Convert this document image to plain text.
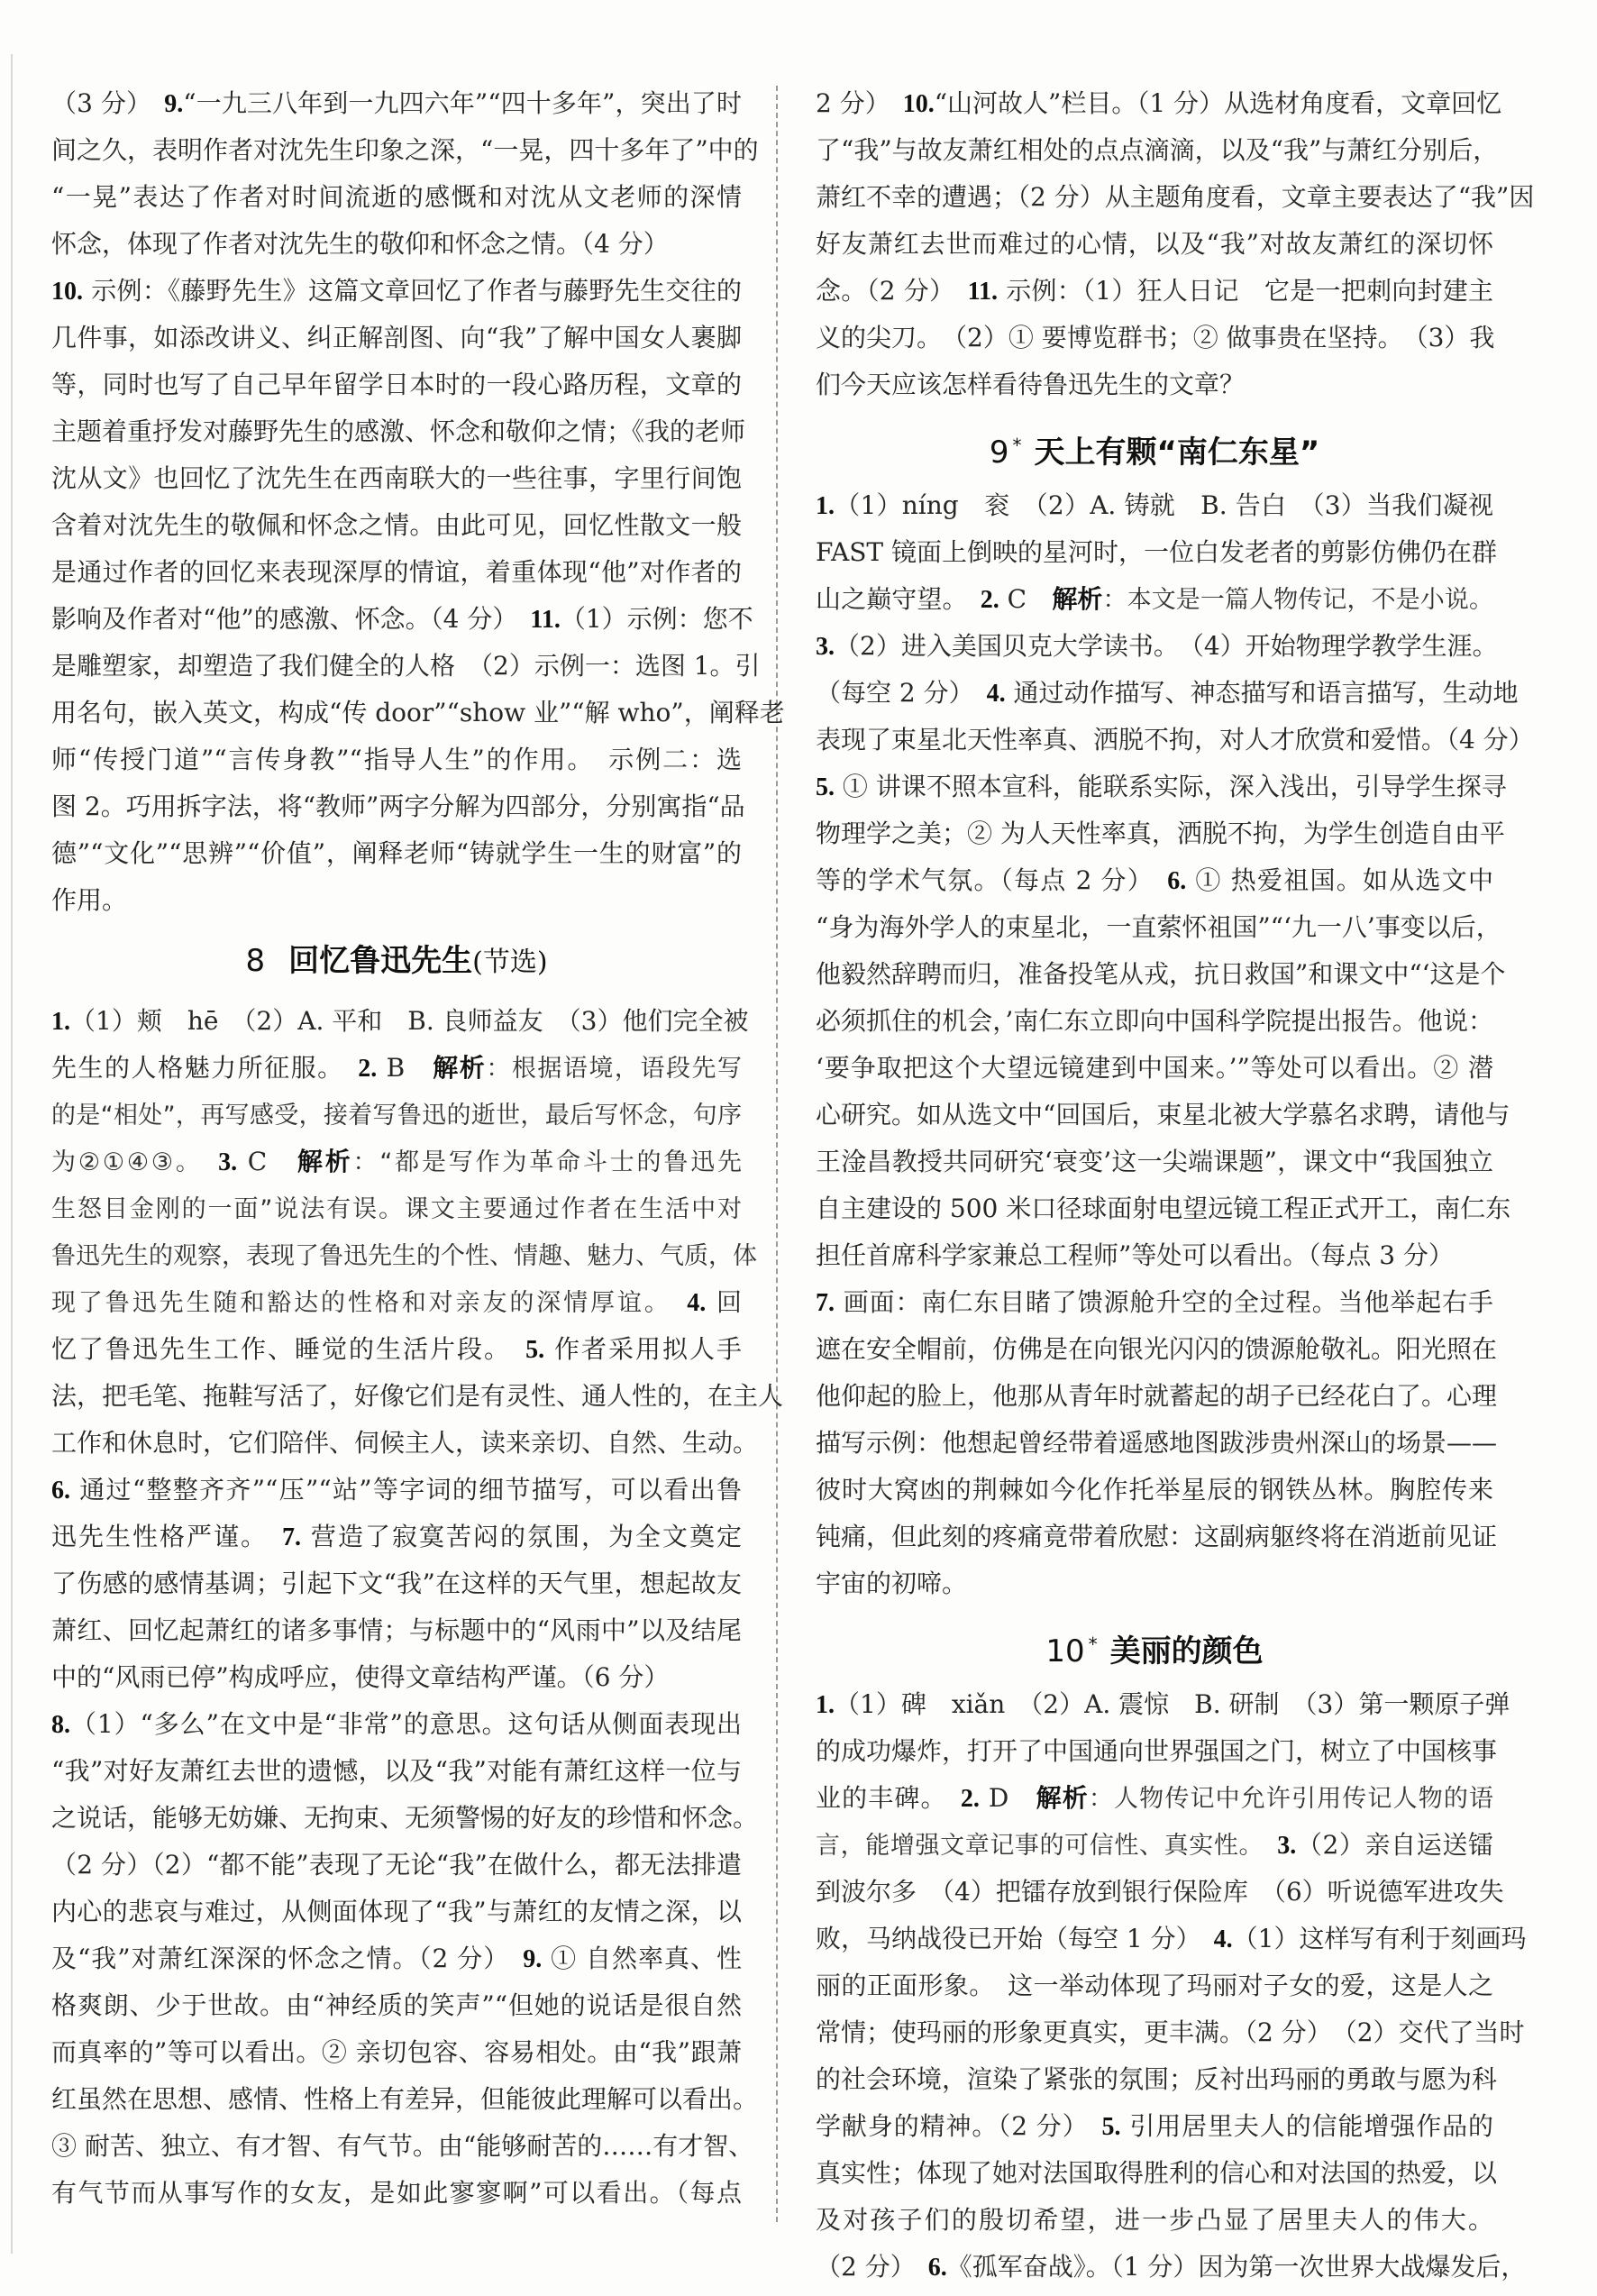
（3 分）　9.“一九三八年到一九四六年”“四十多年”，突出了时
间之久，表明作者对沈先生印象之深，“一晃，四十多年了”中的
“一晃”表达了作者对时间流逝的感慨和对沈从文老师的深情
怀念，体现了作者对沈先生的敬仰和怀念之情。（4 分）
10. 示例：《藤野先生》这篇文章回忆了作者与藤野先生交往的
几件事，如添改讲义、纠正解剖图、向“我”了解中国女人裹脚
等，同时也写了自己早年留学日本时的一段心路历程，文章的
主题着重抒发对藤野先生的感激、怀念和敬仰之情；《我的老师
沈从文》也回忆了沈先生在西南联大的一些往事，字里行间饱
含着对沈先生的敬佩和怀念之情。由此可见，回忆性散文一般
是通过作者的回忆来表现深厚的情谊，着重体现“他”对作者的
影响及作者对“他”的感激、怀念。（4 分）　11.（1）示例：您不
是雕塑家，却塑造了我们健全的人格　（2）示例一：选图 1。引
用名句，嵌入英文，构成“传 door”“show 业”“解 who”，阐释老
师“传授门道”“言传身教”“指导人生”的作用。　示例二：选
图 2。巧用拆字法，将“教师”两字分解为四部分，分别寓指“品
德”“文化”“思辨”“价值”，阐释老师“铸就学生一生的财富”的
作用。
8 回忆鲁迅先生(节选)
1.（1）颊　hē　（2）A. 平和　B. 良师益友　（3）他们完全被
先生的人格魅力所征服。　2. B　解析：根据语境，语段先写
的是“相处”，再写感受，接着写鲁迅的逝世，最后写怀念，句序
为②①④③。　 3. C　解析：“都是写作为革命斗士的鲁迅先
生怒目金刚的一面”说法有误。课文主要通过作者在生活中对
鲁迅先生的观察，表现了鲁迅先生的个性、情趣、魅力、气质，体
现了鲁迅先生随和豁达的性格和对亲友的深情厚谊。　 4. 回
忆了鲁迅先生工作、睡觉的生活片段。　5. 作者采用拟人手
法，把毛笔、拖鞋写活了，好像它们是有灵性、通人性的，在主人
工作和休息时，它们陪伴、伺候主人，读来亲切、自然、生动。
6. 通过“整整齐齐”“压”“站”等字词的细节描写，可以看出鲁
迅先生性格严谨。　7. 营造了寂寞苦闷的氛围，为全文奠定
了伤感的感情基调；引起下文“我”在这样的天气里，想起故友
萧红、回忆起萧红的诸多事情；与标题中的“风雨中”以及结尾
中的“风雨已停”构成呼应，使得文章结构严谨。（6 分）
8.（1）“多么”在文中是“非常”的意思。这句话从侧面表现出
“我”对好友萧红去世的遗憾，以及“我”对能有萧红这样一位与
之说话，能够无妨嫌、无拘束、无须警惕的好友的珍惜和怀念。
（2 分）（2）“都不能”表现了无论“我”在做什么，都无法排遣
内心的悲哀与难过，从侧面体现了“我”与萧红的友情之深，以
及“我”对萧红深深的怀念之情。（2 分）　9. ① 自然率真、性
格爽朗、少于世故。由“神经质的笑声”“但她的说话是很自然
而真率的”等可以看出。② 亲切包容、容易相处。由“我”跟萧
红虽然在思想、感情、性格上有差异，但能彼此理解可以看出。
③ 耐苦、独立、有才智、有气节。由“能够耐苦的……有才智、
有气节而从事写作的女友，是如此寥寥啊”可以看出。（每点
2 分）　10.“山河故人”栏目。（1 分）从选材角度看，文章回忆
了“我”与故友萧红相处的点点滴滴，以及“我”与萧红分别后，
萧红不幸的遭遇；（2 分）从主题角度看，文章主要表达了“我”因
好友萧红去世而难过的心情，以及“我”对故友萧红的深切怀
念。（2 分）　11. 示例：（1）狂人日记　它是一把刺向封建主
义的尖刀。　（2）① 要博览群书；② 做事贵在坚持。　（3）我
们今天应该怎样看待鲁迅先生的文章？
9 * 天上有颗“南仁东星”
1.（1）níng　衮　（2）A. 铸就　B. 告白　（3）当我们凝视
FAST 镜面上倒映的星河时，一位白发老者的剪影仿佛仍在群
山之巅守望。　2. C　解析：本文是一篇人物传记，不是小说。
3.（2）进入美国贝克大学读书。　（4）开始物理学教学生涯。
（每空 2 分）　4. 通过动作描写、神态描写和语言描写，生动地
表现了束星北天性率真、洒脱不拘，对人才欣赏和爱惜。（4 分）
5. ① 讲课不照本宣科，能联系实际，深入浅出，引导学生探寻
物理学之美；② 为人天性率真，洒脱不拘，为学生创造自由平
等的学术气氛。（每点 2 分）　6. ① 热爱祖国。如从选文中
“身为海外学人的束星北，一直萦怀祖国”“‘九一八’事变以后，
他毅然辞聘而归，准备投笔从戎，抗日救国”和课文中“‘这是个
必须抓住的机会，’南仁东立即向中国科学院提出报告。他说：
‘要争取把这个大望远镜建到中国来。’”等处可以看出。② 潜
心研究。如从选文中“回国后，束星北被大学慕名求聘，请他与
王淦昌教授共同研究‘衰变’这一尖端课题”，课文中“我国独立
自主建设的 500 米口径球面射电望远镜工程正式开工，南仁东
担任首席科学家兼总工程师”等处可以看出。（每点 3 分）
7. 画面：南仁东目睹了馈源舱升空的全过程。当他举起右手
遮在安全帽前，仿佛是在向银光闪闪的馈源舱敬礼。阳光照在
他仰起的脸上，他那从青年时就蓄起的胡子已经花白了。心理
描写示例：他想起曾经带着遥感地图跋涉贵州深山的场景——
彼时大窝凼的荆棘如今化作托举星辰的钢铁丛林。胸腔传来
钝痛，但此刻的疼痛竟带着欣慰：这副病躯终将在消逝前见证
宇宙的初啼。
10 * 美丽的颜色
1.（1）碑　xiǎn　（2）A. 震惊　B. 研制　（3）第一颗原子弹
的成功爆炸，打开了中国通向世界强国之门，树立了中国核事
业的丰碑。　2. D　解析：人物传记中允许引用传记人物的语
言，能增强文章记事的可信性、真实性。　 3.（2）亲自运送镭
到波尔多　（4）把镭存放到银行保险库　（6）听说德军进攻失
败，马纳战役已开始（每空 1 分）　4.（1）这样写有利于刻画玛
丽的正面形象。　这一举动体现了玛丽对子女的爱，这是人之
常情；使玛丽的形象更真实，更丰满。（2 分）　（2）交代了当时
的社会环境，渲染了紧张的氛围；反衬出玛丽的勇敢与愿为科
学献身的精神。（2 分）　5. 引用居里夫人的信能增强作品的
真实性；体现了她对法国取得胜利的信心和对法国的热爱，以
及对孩子们的殷切希望，进一步凸显了居里夫人的伟大。
（2 分）　6.《孤军奋战》。（1 分）因为第一次世界大战爆发后，
